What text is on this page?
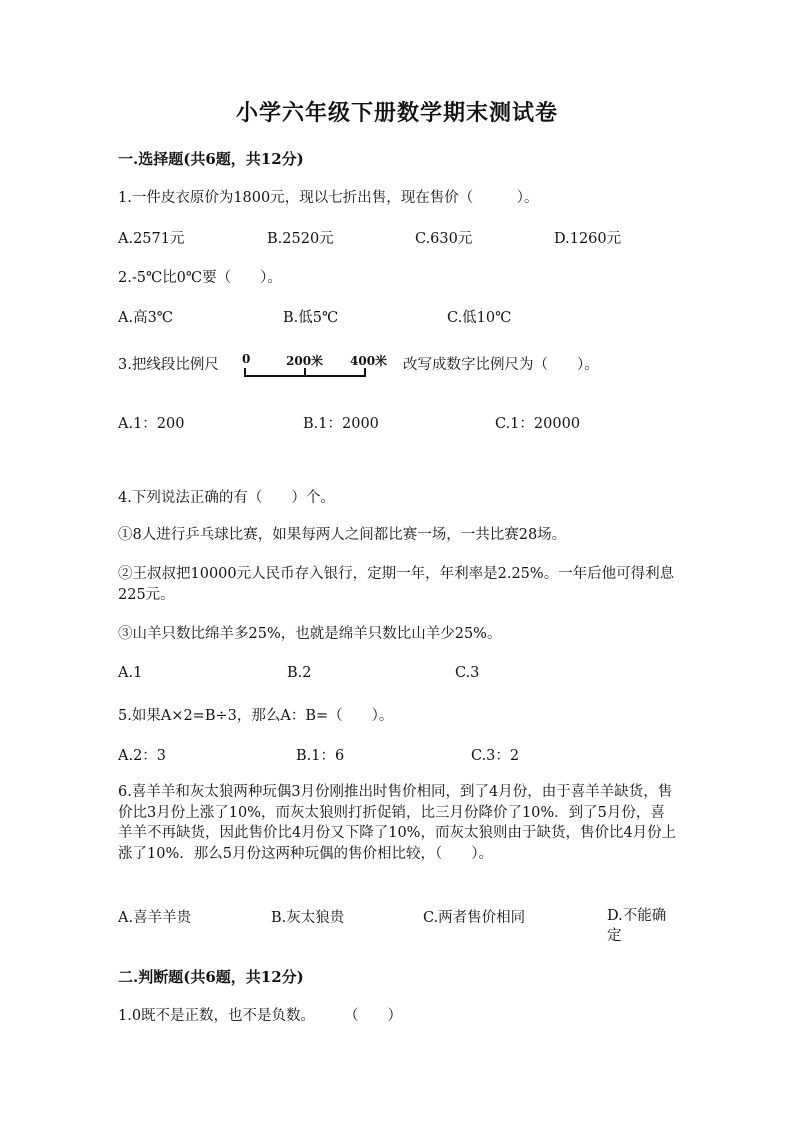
小学六年级下册数学期末测试卷
一.选择题(共6题，共12分)
1.一件皮衣原价为1800元，现以七折出售，现在售价（　　　）。
A.2571元	B.2520元	C.630元	D.1260元
2.-5℃比0℃要（　　）。
A.高3℃	B.低5℃	C.低10℃
3.把线段比例尺 0	200米 400米 改写成数字比例尺为（　　）。
A.1：200	B.1：2000	C.1：20000
4.下列说法正确的有（　　）个。
①8人进行乒乓球比赛，如果每两人之间都比赛一场，一共比赛28场。
②王叔叔把10000元人民币存入银行，定期一年，年利率是2.25%。一年后他可得利息225元。
③山羊只数比绵羊多25%，也就是绵羊只数比山羊少25%。
A.1	B.2	C.3
5.如果A×2=B÷3，那么A：B=（　　）。
A.2：3	B.1：6	C.3：2
6.喜羊羊和灰太狼两种玩偶3月份刚推出时售价相同，到了4月份，由于喜羊羊缺货，售价比3月份上涨了10%，而灰太狼则打折促销，比三月份降价了10%．到了5月份，喜羊羊不再缺货，因此售价比4月份又下降了10%，而灰太狼则由于缺货，售价比4月份上涨了10%．那么5月份这两种玩偶的售价相比较，（　　）。
A.喜羊羊贵	B.灰太狼贵	C.两者售价相同	D.不能确定
二.判断题(共6题，共12分)
1.0既不是正数，也不是负数。　　　（　　）
